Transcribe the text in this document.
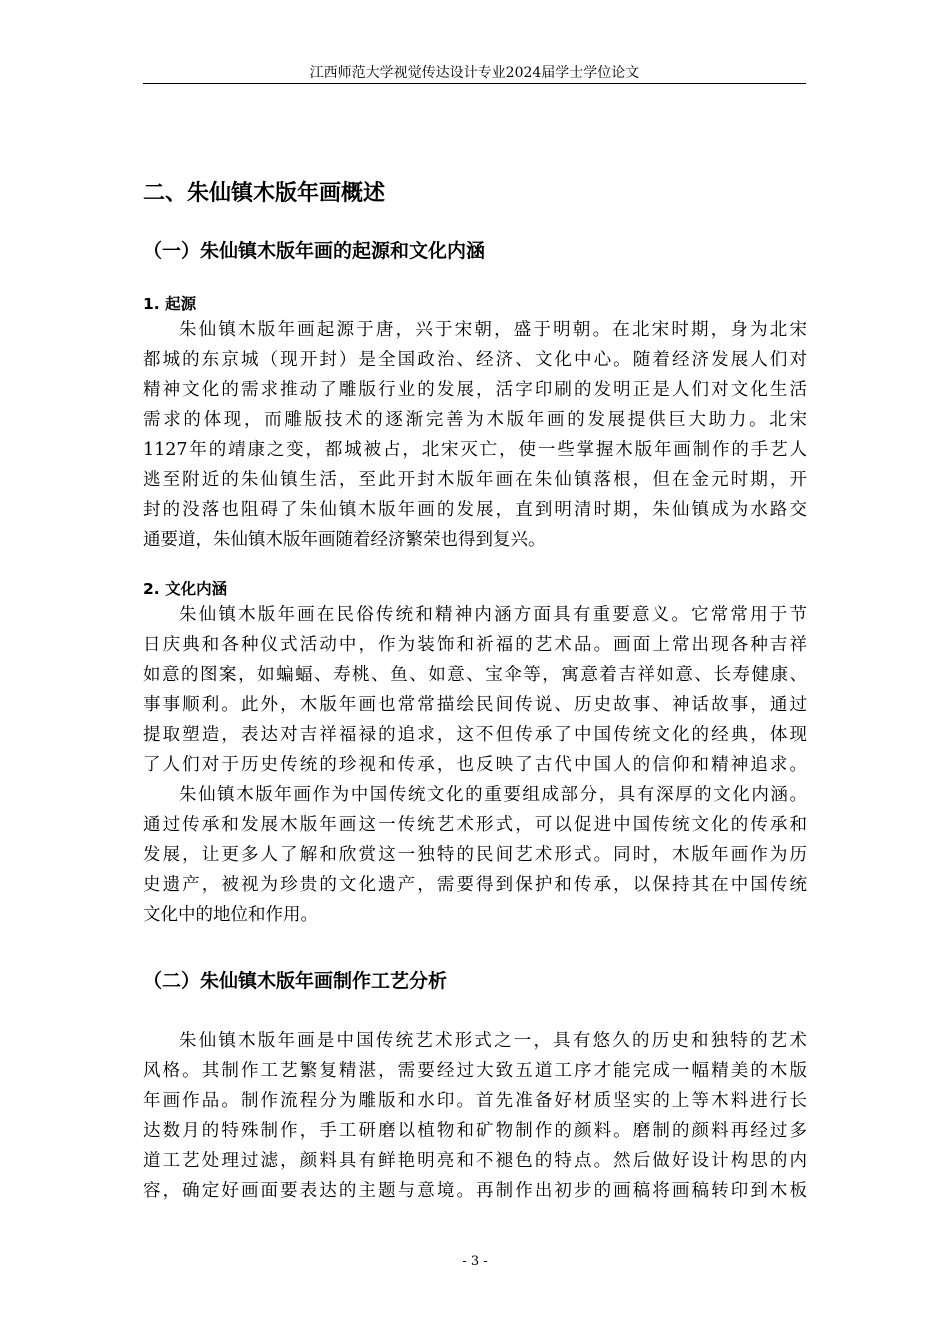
江西师范大学视觉传达设计专业2024届学士学位论文
二、朱仙镇木版年画概述
（一）朱仙镇木版年画的起源和文化内涵
1. 起源
朱仙镇木版年画起源于唐，兴于宋朝，盛于明朝。在北宋时期，身为北宋
都城的东京城（现开封）是全国政治、经济、文化中心。随着经济发展人们对
精神文化的需求推动了雕版行业的发展，活字印刷的发明正是人们对文化生活
需求的体现，而雕版技术的逐渐完善为木版年画的发展提供巨大助力。北宋
1127年的靖康之变，都城被占，北宋灭亡，使一些掌握木版年画制作的手艺人
逃至附近的朱仙镇生活，至此开封木版年画在朱仙镇落根，但在金元时期，开
封的没落也阻碍了朱仙镇木版年画的发展，直到明清时期，朱仙镇成为水路交
通要道，朱仙镇木版年画随着经济繁荣也得到复兴。
2. 文化内涵
朱仙镇木版年画在民俗传统和精神内涵方面具有重要意义。它常常用于节
日庆典和各种仪式活动中，作为装饰和祈福的艺术品。画面上常出现各种吉祥
如意的图案，如蝙蝠、寿桃、鱼、如意、宝伞等，寓意着吉祥如意、长寿健康、
事事顺利。此外，木版年画也常常描绘民间传说、历史故事、神话故事，通过
提取塑造，表达对吉祥福禄的追求，这不但传承了中国传统文化的经典，体现
了人们对于历史传统的珍视和传承，也反映了古代中国人的信仰和精神追求。
朱仙镇木版年画作为中国传统文化的重要组成部分，具有深厚的文化内涵。
通过传承和发展木版年画这一传统艺术形式，可以促进中国传统文化的传承和
发展，让更多人了解和欣赏这一独特的民间艺术形式。同时，木版年画作为历
史遗产，被视为珍贵的文化遗产，需要得到保护和传承，以保持其在中国传统
文化中的地位和作用。
（二）朱仙镇木版年画制作工艺分析
朱仙镇木版年画是中国传统艺术形式之一，具有悠久的历史和独特的艺术
风格。其制作工艺繁复精湛，需要经过大致五道工序才能完成一幅精美的木版
年画作品。制作流程分为雕版和水印。首先准备好材质坚实的上等木料进行长
达数月的特殊制作，手工研磨以植物和矿物制作的颜料。磨制的颜料再经过多
道工艺处理过滤，颜料具有鲜艳明亮和不褪色的特点。然后做好设计构思的内
容，确定好画面要表达的主题与意境。再制作出初步的画稿将画稿转印到木板
- 3 -
